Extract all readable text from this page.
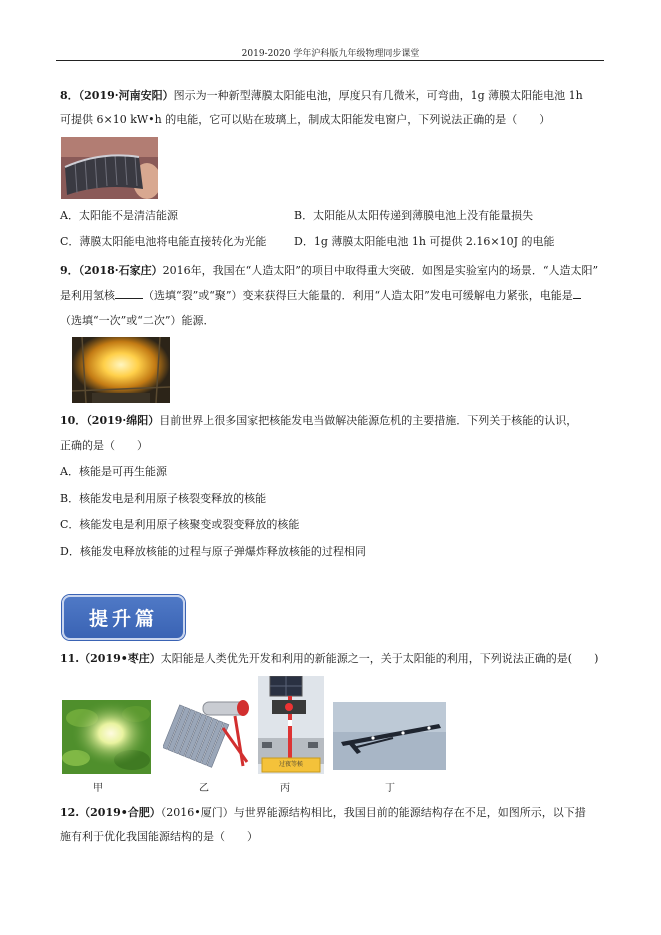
2019-2020 学年沪科版九年级物理同步课堂
8．（2019·河南安阳）图示为一种新型薄膜太阳能电池，厚度只有几微米，可弯曲，1g 薄膜太阳能电池 1h
可提供 6×10 kW•h 的电能，它可以贴在玻璃上，制成太阳能发电窗户，下列说法正确的是（　　）
A．太阳能不是清洁能源	B．太阳能从太阳传递到薄膜电池上没有能量损失
C．薄膜太阳能电池将电能直接转化为光能	D．1g 薄膜太阳能电池 1h 可提供 2.16×10J 的电能
9．（2018·石家庄）2016年，我国在“人造太阳”的项目中取得重大突破．如图是实验室内的场景．“人造太阳”
是利用氢核	（选填“裂”或“聚”）变来获得巨大能量的．利用“人造太阳”发电可缓解电力紧张，电能是
（选填“一次”或“二次”）能源．
10．（2019·绵阳）目前世界上很多国家把核能发电当做解决能源危机的主要措施．下列关于核能的认识，
正确的是（　　）
A．核能是可再生能源
B．核能发电是利用原子核裂变释放的核能
C．核能发电是利用原子核聚变或裂变释放的核能
D．核能发电释放核能的过程与原子弹爆炸释放核能的过程相同
提升篇
11.（2019•枣庄）太阳能是人类优先开发和利用的新能源之一，关于太阳能的利用，下列说法正确的是(　　)
甲	乙
过夜等候
丙	丁
12.（2019•合肥）（2016•厦门）与世界能源结构相比，我国目前的能源结构存在不足，如图所示，以下措
施有利于优化我国能源结构的是（　　）
